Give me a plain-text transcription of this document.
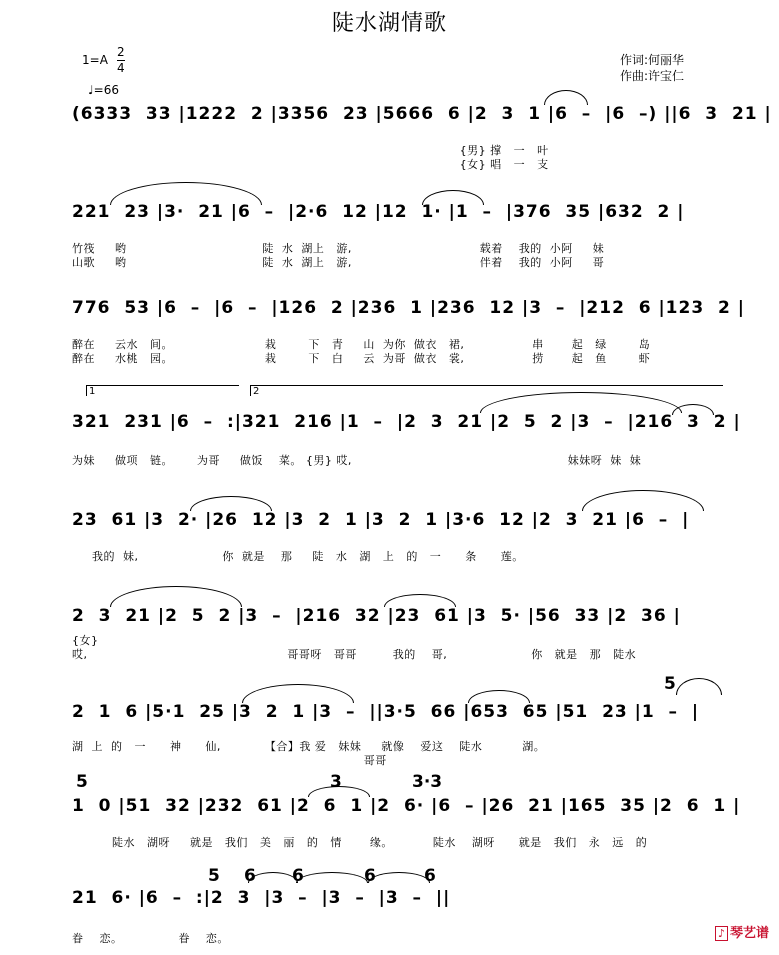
陡水湖情歌
1=A
2
4
♩=66
作词:何丽华
作曲:许宝仁
(6333  33 |1222  2 |3356  23 |5666  6 |2  3  1 |6  –  |6  –) ||6  3  21 |
{男} 撑   一   叶
{女} 唱   一   支
221  23 |3·  21 |6  –  |2·6  12 |12  1· |1  –  |376  35 |632  2 |
竹筏     哟                                  陡  水  湖上   游,                                载着    我的  小阿     妹
山歌     哟                                  陡  水  湖上   游,                                伴着    我的  小阿     哥
776  53 |6  –  |6  –  |126  2 |236  1 |236  12 |3  –  |212  6 |123  2 |
醉在     云水   间。                       栽        下   青     山  为你  做衣   裙,                 串       起   绿        岛
醉在     水桃   园。                       栽        下   白     云  为哥  做衣   裳,                 捞       起   鱼        虾
1	2
321  231 |6  –  :|321  216 |1  –  |2  3  21 |2  5  2 |3  –  |216  3  2 |
为妹     做项   链。      为哥     做饭    菜。 {男} 哎,                                                      妹妹呀  妹  妹
23  61 |3  2· |26  12 |3  2  1 |3  2  1 |3·6  12 |2  3  21 |6  –  |
我的  妹,                     你  就是    那     陡   水   湖   上   的   一      条      莲。
2  3  21 |2  5  2 |3  –  |216  32 |23  61 |3  5· |56  33 |2  36 |
{女}
哎,                                                  哥哥呀   哥哥         我的    哥,                     你   就是   那   陡水
5
2  1  6 |5·1  25 |3  2  1 |3  –  ||3·5  66 |653  65 |51  23 |1  –  |
湖  上  的   一      神      仙,           【合】我 爱   妹妹     就像    爱这    陡水          湖。
哥哥
5	3	3·3
1  0 |51  32 |232  61 |2  6  1 |2  6· |6  – |26  21 |165  35 |2  6  1 |
陡水   湖呀     就是   我们   美   丽   的   情       缘。          陡水    湖呀      就是   我们   永   远   的
5 6 6	6	6
21  6· |6  –  :|2  3  |3  –  |3  –  |3  –  ||
眷    恋。              眷    恋。	♪ 琴艺谱
